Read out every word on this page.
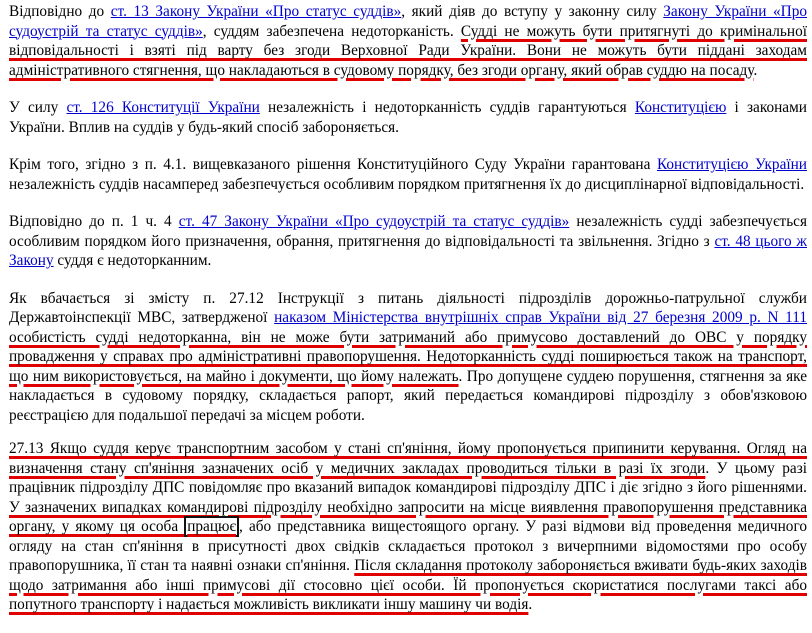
Відповідно до ст. 13 Закону України «Про статус суддів», який діяв до вступу у законну силу Закону України «Про судоустрій та статус суддів», суддям забезпечена недоторканість. Судді не можуть бути притягнуті до кримінальної відповідальності і взяті під варту без згоди Верховної Ради України. Вони не можуть бути піддані заходам адміністративного стягнення, що накладаються в судовому порядку, без згоди органу, який обрав суддю на посаду.

У силу ст. 126 Конституції України незалежність і недоторканність суддів гарантуються Конституцією і законами України. Вплив на суддів у будь-який спосіб забороняється.

Крім того, згідно з п. 4.1. вищевказаного рішення Конституційного Суду України гарантована Конституцією України незалежність суддів насамперед забезпечується особливим порядком притягнення їх до дисциплінарної відповідальності.

Відповідно до п. 1 ч. 4 ст. 47 Закону України «Про судоустрій та статус суддів» незалежність судді забезпечується особливим порядком його призначення, обрання, притягнення до відповідальності та звільнення. Згідно з ст. 48 цього ж Закону суддя є недоторканним.

Як вбачається зі змісту п. 27.12 Інструкції з питань діяльності підрозділів дорожньо-патрульної служби Державтоінспекції МВС, затвердженої наказом Міністерства внутрішніх справ України від 27 березня 2009 р. N 111 особистість судді недоторканна, він не може бути затриманий або примусово доставлений до ОВС у порядку провадження у справах про адміністративні правопорушення. Недоторканність судді поширюється також на транспорт, що ним використовується, на майно і документи, що йому належать. Про допущене суддею порушення, стягнення за яке накладається в судовому порядку, складається рапорт, який передається командирові підрозділу з обов'язковою реєстрацією для подальшої передачі за місцем роботи.

27.13 Якщо суддя керує транспортним засобом у стані сп'яніння, йому пропонується припинити керування. Огляд на визначення стану сп'яніння зазначених осіб у медичних закладах проводиться тільки в разі їх згоди. У цьому разі працівник підрозділу ДПС повідомляє про вказаний випадок командирові підрозділу ДПС і діє згідно з його рішеннями. У зазначених випадках командирові підрозділу необхідно запросити на місце виявлення правопорушення представника органу, у якому ця особа працює , або представника вищестоящого органу. У разі відмови від проведення медичного огляду на стан сп'яніння в присутності двох свідків складається протокол з вичерпними відомостями про особу правопорушника, її стан та наявні ознаки сп'яніння. Після складання протоколу забороняється вживати будь-яких заходів щодо затримання або інші примусові дії стосовно цієї особи. Їй пропонується скористатися послугами таксі або попутного транспорту і надається можливість викликати іншу машину чи водія.
